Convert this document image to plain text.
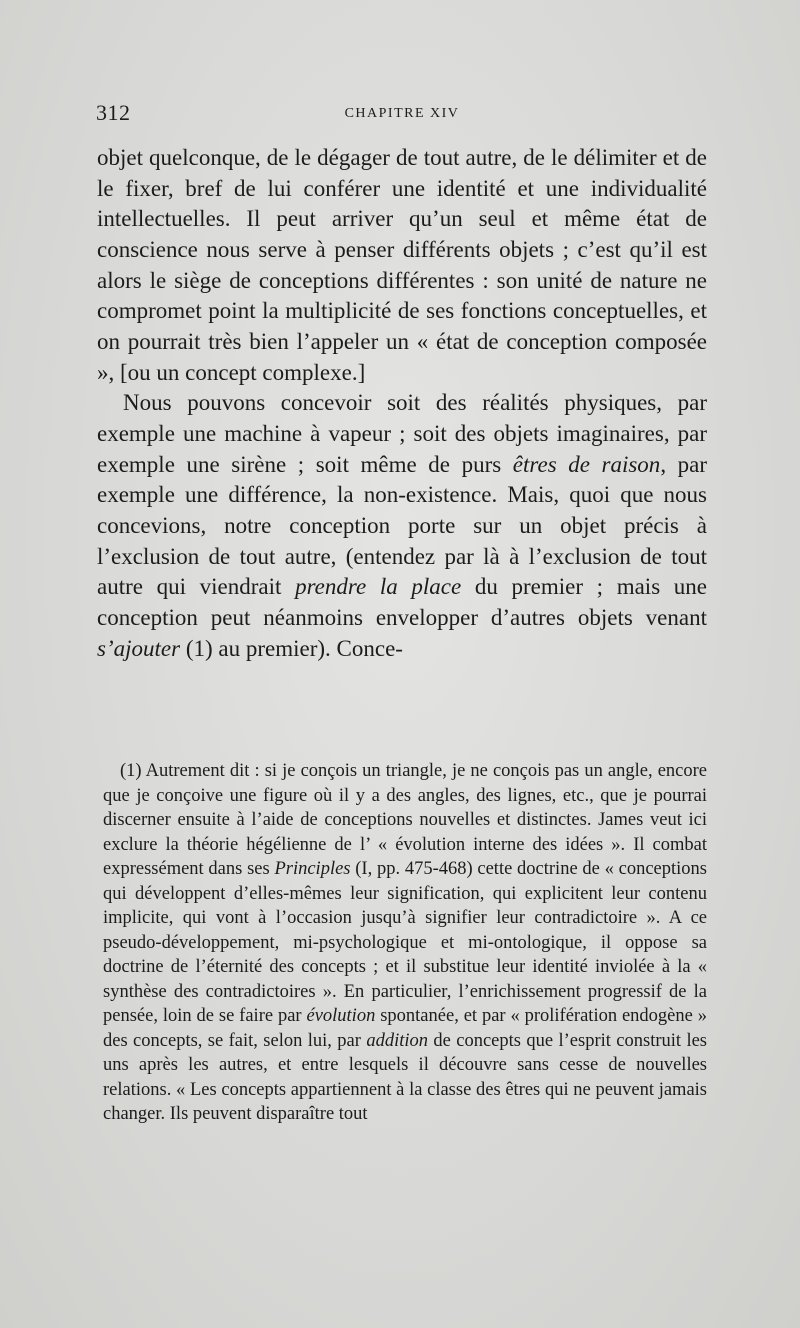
312	CHAPITRE XIV

objet quelconque, de le dégager de tout autre, de le délimiter et de le fixer, bref de lui conférer une identité et une individualité intellectuelles. Il peut arriver qu’un seul et même état de conscience nous serve à penser différents objets ; c’est qu’il est alors le siège de conceptions différentes : son unité de nature ne compromet point la multiplicité de ses fonctions conceptuelles, et on pourrait très bien l’appeler un « état de conception composée », [ou un concept complexe.]

Nous pouvons concevoir soit des réalités physiques, par exemple une machine à vapeur ; soit des objets imaginaires, par exemple une sirène ; soit même de purs êtres de raison, par exemple une différence, la non-existence. Mais, quoi que nous concevions, notre conception porte sur un objet précis à l’exclusion de tout autre, (entendez par là à l’exclusion de tout autre qui viendrait prendre la place du premier ; mais une conception peut néanmoins envelopper d’autres objets venant s’ajouter (1) au premier). Conce-

(1) Autrement dit : si je conçois un triangle, je ne conçois pas un angle, encore que je conçoive une figure où il y a des angles, des lignes, etc., que je pourrai discerner ensuite à l’aide de conceptions nouvelles et distinctes. James veut ici exclure la théorie hégélienne de l’ « évolution interne des idées ». Il combat expressément dans ses Principles (I, pp. 475-468) cette doctrine de « conceptions qui développent d’elles-mêmes leur signification, qui explicitent leur contenu implicite, qui vont à l’occasion jusqu’à signifier leur contradictoire ». A ce pseudo-développement, mi-psychologique et mi-ontologique, il oppose sa doctrine de l’éternité des concepts ; et il substitue leur identité inviolée à la « synthèse des contradictoires ». En particulier, l’enrichissement progressif de la pensée, loin de se faire par évolution spontanée, et par « prolifération endogène » des concepts, se fait, selon lui, par addition de concepts que l’esprit construit les uns après les autres, et entre lesquels il découvre sans cesse de nouvelles relations. « Les concepts appartiennent à la classe des êtres qui ne peuvent jamais changer. Ils peuvent disparaître tout
